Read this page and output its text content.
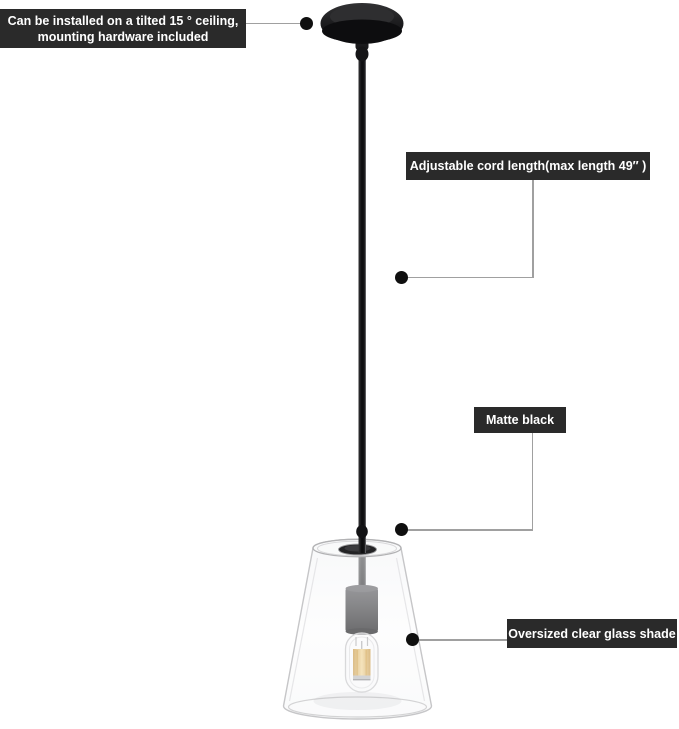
Can be installed on a tilted 15 ° ceiling,
mounting hardware included
Adjustable cord length(max length 49″ )
Matte black
Oversized clear glass shade
